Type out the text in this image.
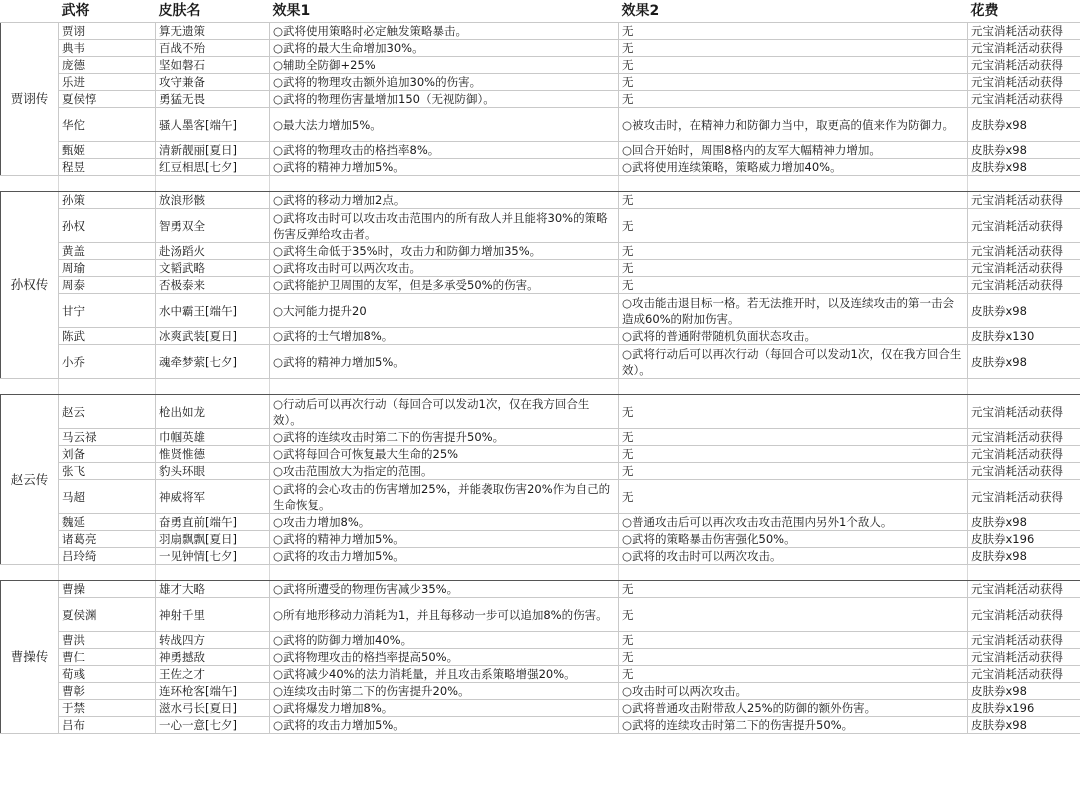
	武将	皮肤名	效果1	效果2	花费
贾诩传	贾诩	算无遗策	○武将使用策略时必定触发策略暴击。	无	元宝消耗活动获得
	典韦	百战不殆	○武将的最大生命增加30%。	无	元宝消耗活动获得
	庞德	坚如磐石	○辅助全防御+25%	无	元宝消耗活动获得
	乐进	攻守兼备	○武将的物理攻击额外追加30%的伤害。	无	元宝消耗活动获得
	夏侯惇	勇猛无畏	○武将的物理伤害量增加150（无视防御）。	无	元宝消耗活动获得
	华佗	骚人墨客[端午]	○最大法力增加5%。	○被攻击时，在精神力和防御力当中，取更高的值来作为防御力。	皮肤券x98
	甄姬	清新靓丽[夏日]	○武将的物理攻击的格挡率8%。	○回合开始时，周围8格内的友军大幅精神力增加。	皮肤券x98
	程昱	红豆相思[七夕]	○武将的精神力增加5%。	○武将使用连续策略，策略威力增加40%。	皮肤券x98

孙权传	孙策	放浪形骸	○武将的移动力增加2点。	无	元宝消耗活动获得
	孙权	智勇双全	○武将攻击时可以攻击攻击范围内的所有敌人并且能将30%的策略伤害反弹给攻击者。	无	元宝消耗活动获得
	黄盖	赴汤蹈火	○武将生命低于35%时，攻击力和防御力增加35%。	无	元宝消耗活动获得
	周瑜	文韬武略	○武将攻击时可以两次攻击。	无	元宝消耗活动获得
	周泰	否极泰来	○武将能护卫周围的友军，但是多承受50%的伤害。	无	元宝消耗活动获得
	甘宁	水中霸王[端午]	○大河能力提升20	○攻击能击退目标一格。若无法推开时，以及连续攻击的第一击会造成60%的附加伤害。	皮肤券x98
	陈武	冰爽武装[夏日]	○武将的士气增加8%。	○武将的普通附带随机负面状态攻击。	皮肤券x130
	小乔	魂牵梦萦[七夕]	○武将的精神力增加5%。	○武将行动后可以再次行动（每回合可以发动1次，仅在我方回合生效）。	皮肤券x98

赵云传	赵云	枪出如龙	○行动后可以再次行动（每回合可以发动1次，仅在我方回合生效）。	无	元宝消耗活动获得
	马云禄	巾帼英雄	○武将的连续攻击时第二下的伤害提升50%。	无	元宝消耗活动获得
	刘备	惟贤惟德	○武将每回合可恢复最大生命的25%	无	元宝消耗活动获得
	张飞	豹头环眼	○攻击范围放大为指定的范围。	无	元宝消耗活动获得
	马超	神威将军	○武将的会心攻击的伤害增加25%，并能袭取伤害20%作为自己的生命恢复。	无	元宝消耗活动获得
	魏延	奋勇直前[端午]	○攻击力增加8%。	○普通攻击后可以再次攻击攻击范围内另外1个敌人。	皮肤券x98
	诸葛亮	羽扇飘飘[夏日]	○武将的精神力增加5%。	○武将的策略暴击伤害强化50%。	皮肤券x196
	吕玲绮	一见钟情[七夕]	○武将的攻击力增加5%。	○武将的攻击时可以两次攻击。	皮肤券x98

曹操传	曹操	雄才大略	○武将所遭受的物理伤害减少35%。	无	元宝消耗活动获得
	夏侯渊	神射千里	○所有地形移动力消耗为1，并且每移动一步可以追加8%的伤害。	无	元宝消耗活动获得
	曹洪	转战四方	○武将的防御力增加40%。	无	元宝消耗活动获得
	曹仁	神勇撼敌	○武将物理攻击的格挡率提高50%。	无	元宝消耗活动获得
	荀彧	王佐之才	○武将减少40%的法力消耗量，并且攻击系策略增强20%。	无	元宝消耗活动获得
	曹彰	连环枪客[端午]	○连续攻击时第二下的伤害提升20%。	○攻击时可以两次攻击。	皮肤券x98
	于禁	滋水弓长[夏日]	○武将爆发力增加8%。	○武将普通攻击附带敌人25%的防御的额外伤害。	皮肤券x196
	吕布	一心一意[七夕]	○武将的攻击力增加5%。	○武将的连续攻击时第二下的伤害提升50%。	皮肤券x98
